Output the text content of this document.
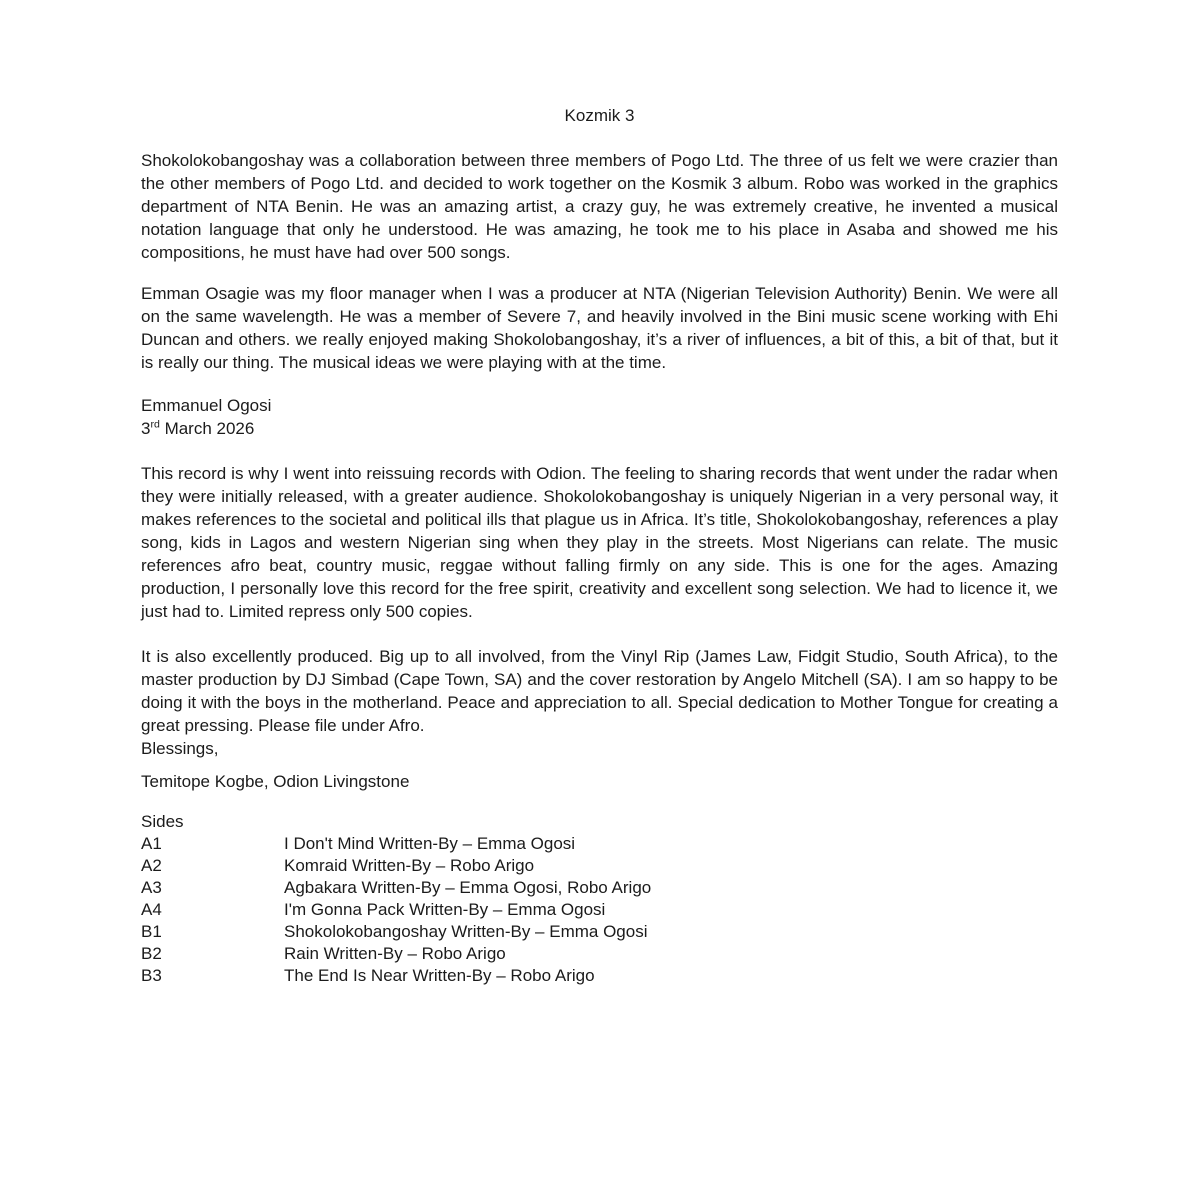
Kozmik 3

Shokolokobangoshay was a collaboration between three members of Pogo Ltd. The three of us felt we were crazier than the other members of Pogo Ltd. and decided to work together on the Kosmik 3 album. Robo was worked in the graphics department of NTA Benin. He was an amazing artist, a crazy guy, he was extremely creative, he invented a musical notation language that only he understood. He was amazing, he took me to his place in Asaba and showed me his compositions, he must have had over 500 songs.

Emman Osagie was my floor manager when I was a producer at NTA (Nigerian Television Authority) Benin. We were all on the same wavelength. He was a member of Severe 7, and heavily involved in the Bini music scene working with Ehi Duncan and others. we really enjoyed making Shokolobangoshay, it’s a river of influences, a bit of this, a bit of that, but it is really our thing. The musical ideas we were playing with at the time.

Emmanuel Ogosi
3rd March 2026

This record is why I went into reissuing records with Odion. The feeling to sharing records that went under the radar when they were initially released, with a greater audience. Shokolokobangoshay is uniquely Nigerian in a very personal way, it makes references to the societal and political ills that plague us in Africa. It’s title, Shokolokobangoshay, references a play song, kids in Lagos and western Nigerian sing when they play in the streets. Most Nigerians can relate. The music references afro beat, country music, reggae without falling firmly on any side. This is one for the ages. Amazing production, I personally love this record for the free spirit, creativity and excellent song selection. We had to licence it, we just had to. Limited repress only 500 copies.

It is also excellently produced. Big up to all involved, from the Vinyl Rip (James Law, Fidgit Studio, South Africa), to the master production by DJ Simbad (Cape Town, SA) and the cover restoration by Angelo Mitchell (SA). I am so happy to be doing it with the boys in the motherland. Peace and appreciation to all. Special dedication to Mother Tongue for creating a great pressing. Please file under Afro.

Blessings,

Temitope Kogbe, Odion Livingstone

Sides
A1	I Don't Mind Written-By – Emma Ogosi
A2	Komraid Written-By – Robo Arigo
A3	Agbakara Written-By – Emma Ogosi, Robo Arigo
A4	I'm Gonna Pack Written-By – Emma Ogosi
B1	Shokolokobangoshay Written-By – Emma Ogosi
B2	Rain Written-By – Robo Arigo
B3	The End Is Near Written-By – Robo Arigo
